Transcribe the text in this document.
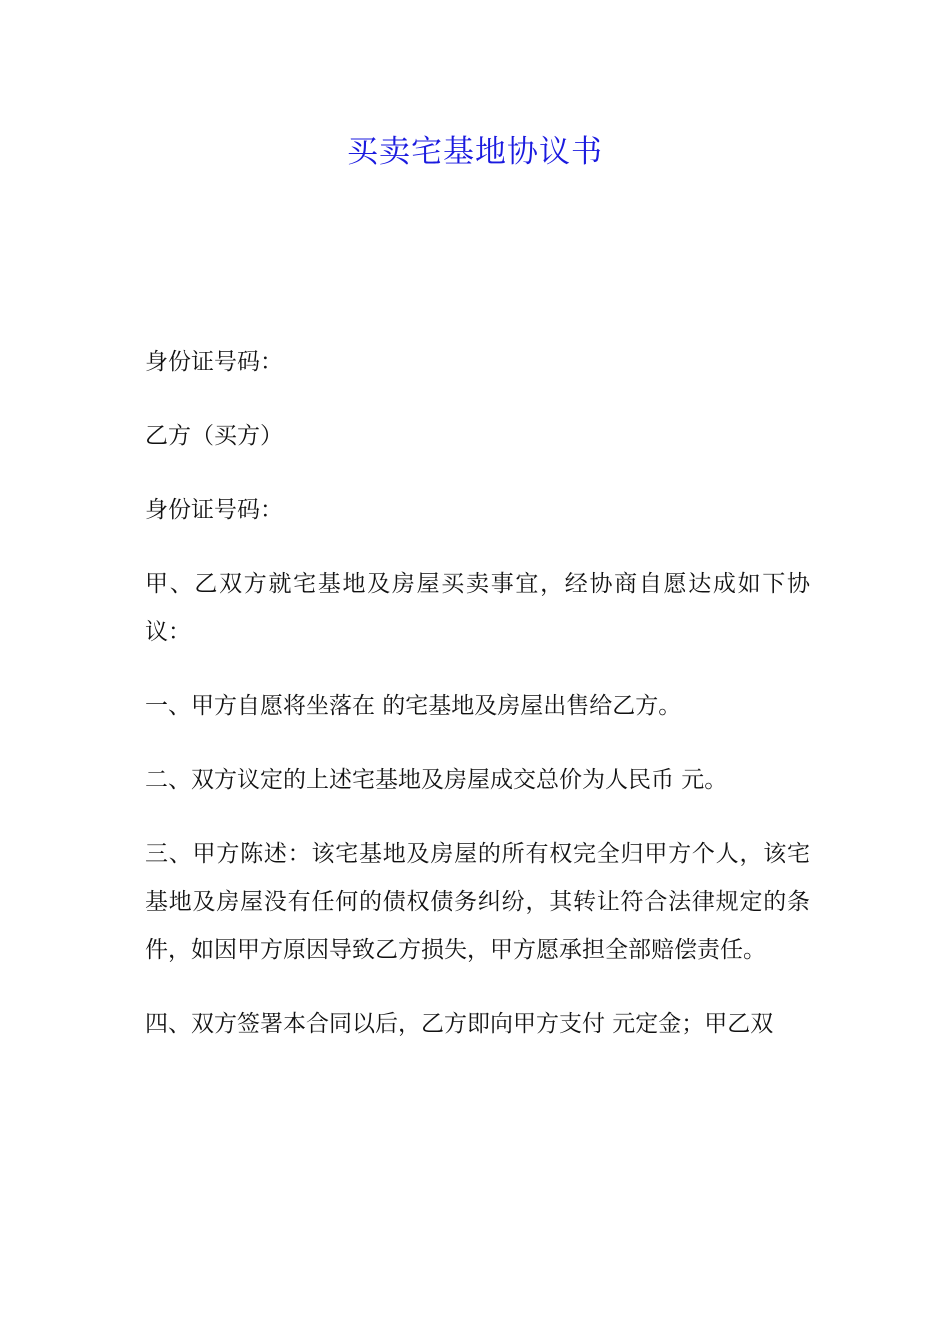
买卖宅基地协议书

身份证号码：

乙方（买方）

身份证号码：

甲、乙双方就宅基地及房屋买卖事宜，经协商自愿达成如下协议：

一、甲方自愿将坐落在 的宅基地及房屋出售给乙方。

二、双方议定的上述宅基地及房屋成交总价为人民币 元。

三、甲方陈述：该宅基地及房屋的所有权完全归甲方个人，该宅基地及房屋没有任何的债权债务纠纷，其转让符合法律规定的条件，如因甲方原因导致乙方损失，甲方愿承担全部赔偿责任。

四、双方签署本合同以后，乙方即向甲方支付 元定金；甲乙双
